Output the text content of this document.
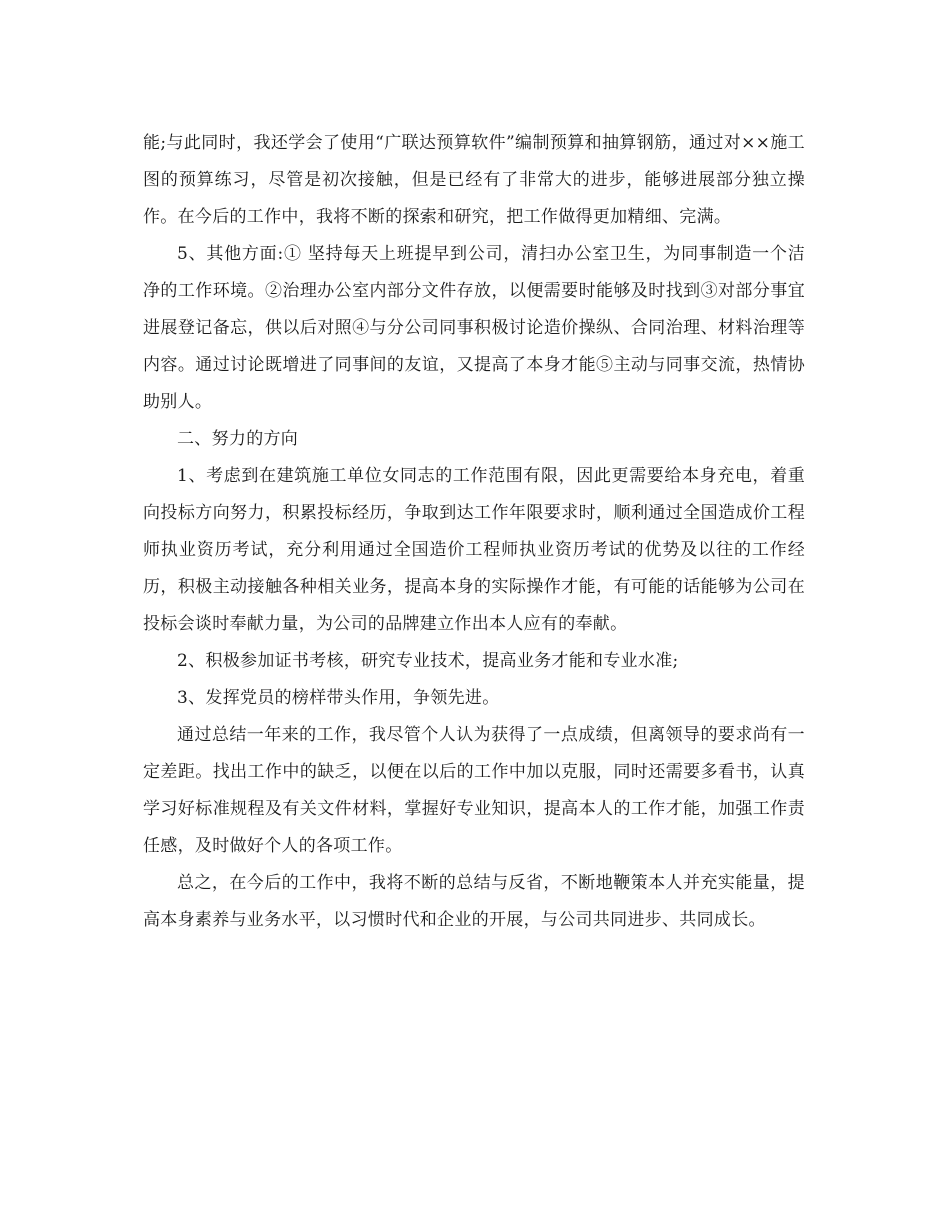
能;与此同时，我还学会了使用“广联达预算软件”编制预算和抽算钢筋，通过对××施工图的预算练习，尽管是初次接触，但是已经有了非常大的进步，能够进展部分独立操作。在今后的工作中，我将不断的探索和研究，把工作做得更加精细、完满。

5、其他方面:① 坚持每天上班提早到公司，清扫办公室卫生，为同事制造一个洁净的工作环境。②治理办公室内部分文件存放，以便需要时能够及时找到③对部分事宜进展登记备忘，供以后对照④与分公司同事积极讨论造价操纵、合同治理、材料治理等内容。通过讨论既增进了同事间的友谊，又提高了本身才能⑤主动与同事交流，热情协助别人。

二、努力的方向

1、考虑到在建筑施工单位女同志的工作范围有限，因此更需要给本身充电，着重向投标方向努力，积累投标经历，争取到达工作年限要求时，顺利通过全国造成价工程师执业资历考试，充分利用通过全国造价工程师执业资历考试的优势及以往的工作经历，积极主动接触各种相关业务，提高本身的实际操作才能，有可能的话能够为公司在投标会谈时奉献力量，为公司的品牌建立作出本人应有的奉献。

2、积极参加证书考核，研究专业技术，提高业务才能和专业水准;

3、发挥党员的榜样带头作用，争领先进。

通过总结一年来的工作，我尽管个人认为获得了一点成绩，但离领导的要求尚有一定差距。找出工作中的缺乏，以便在以后的工作中加以克服，同时还需要多看书，认真学习好标准规程及有关文件材料，掌握好专业知识，提高本人的工作才能，加强工作责任感，及时做好个人的各项工作。

总之，在今后的工作中，我将不断的总结与反省，不断地鞭策本人并充实能量，提高本身素养与业务水平，以习惯时代和企业的开展，与公司共同进步、共同成长。
